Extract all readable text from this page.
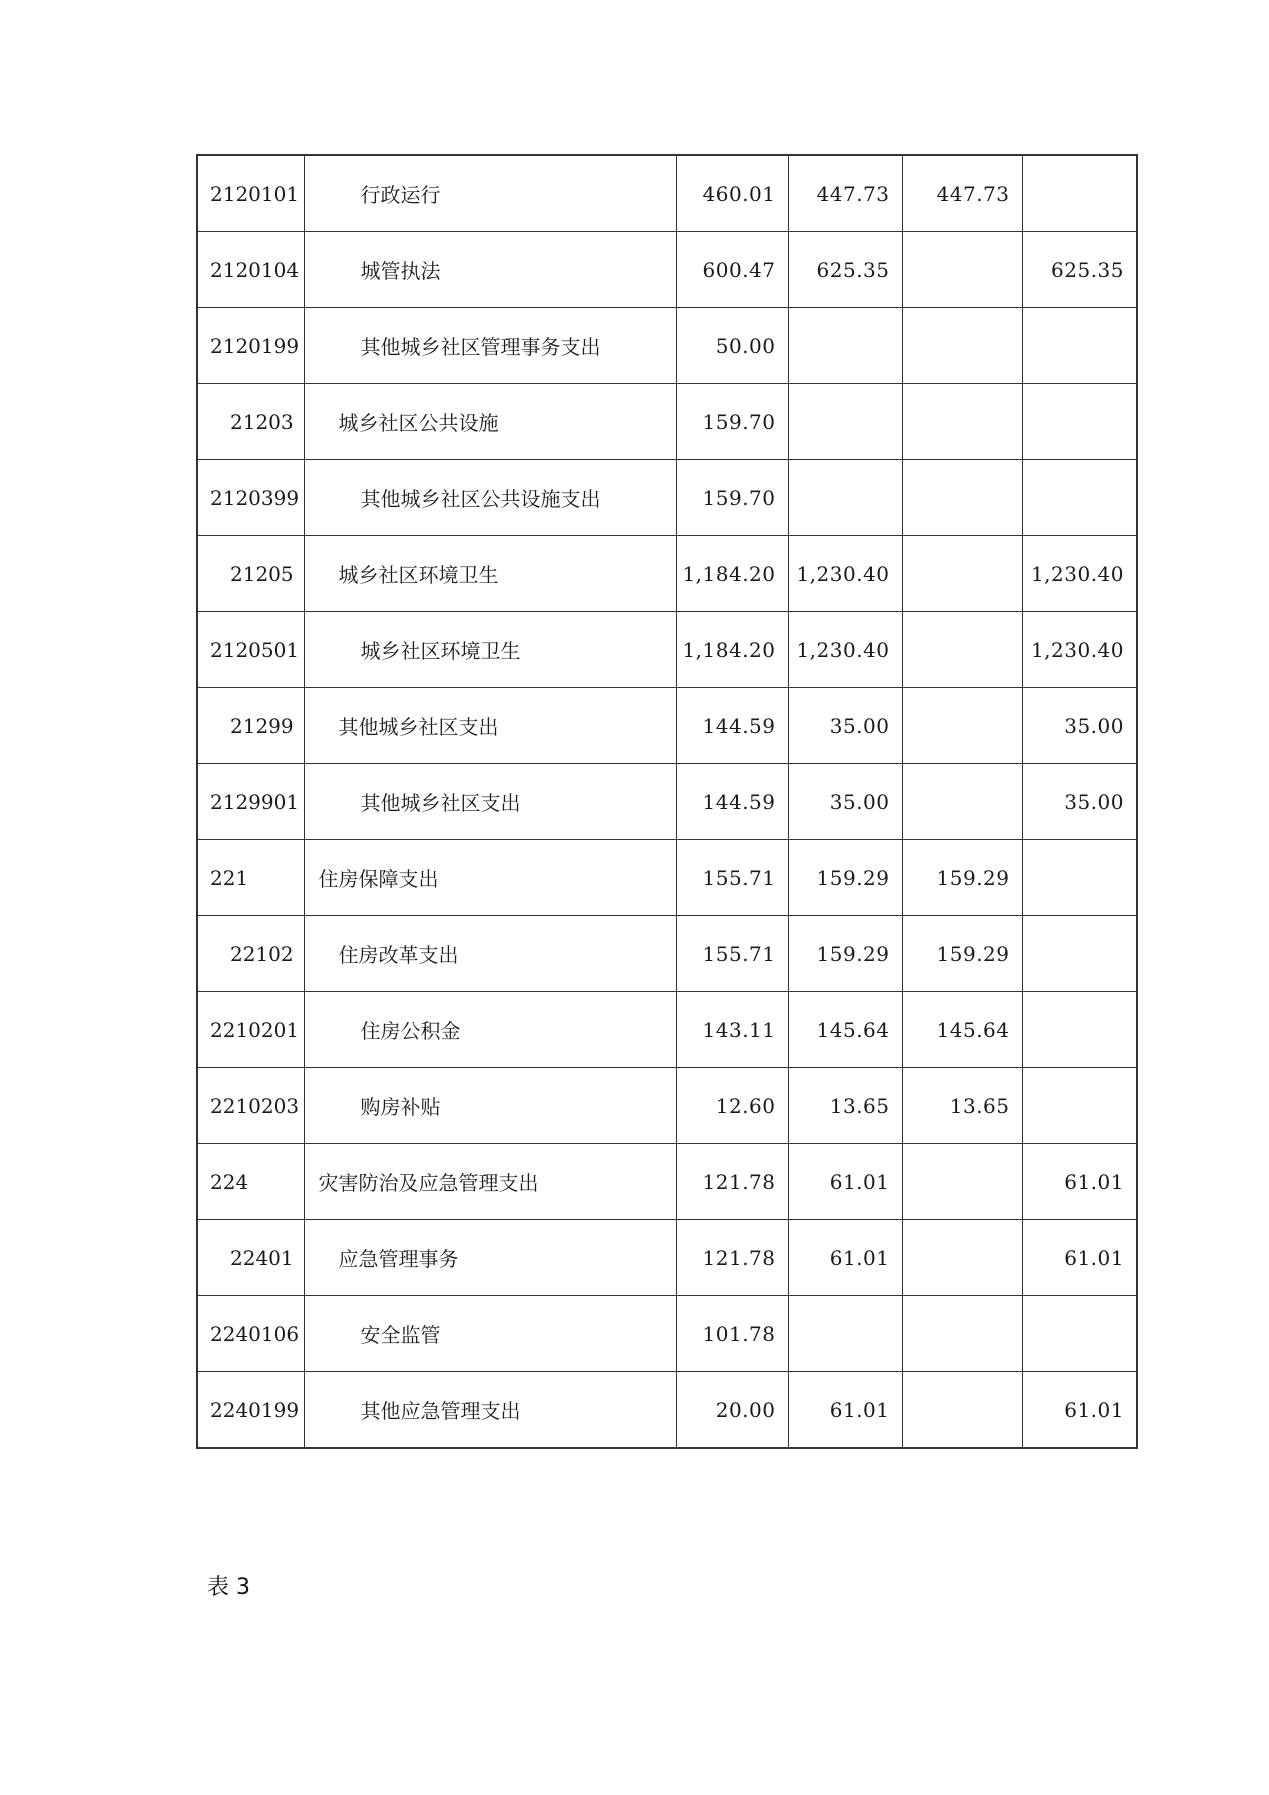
2120101	行政运行	460.01	447.73	447.73	
2120104	城管执法	600.47	625.35		625.35
2120199	其他城乡社区管理事务支出	50.00			
21203	城乡社区公共设施	159.70			
2120399	其他城乡社区公共设施支出	159.70			
21205	城乡社区环境卫生	1,184.20	1,230.40		1,230.40
2120501	城乡社区环境卫生	1,184.20	1,230.40		1,230.40
21299	其他城乡社区支出	144.59	35.00		35.00
2129901	其他城乡社区支出	144.59	35.00		35.00
221	住房保障支出	155.71	159.29	159.29	
22102	住房改革支出	155.71	159.29	159.29	
2210201	住房公积金	143.11	145.64	145.64	
2210203	购房补贴	12.60	13.65	13.65	
224	灾害防治及应急管理支出	121.78	61.01		61.01
22401	应急管理事务	121.78	61.01		61.01
2240106	安全监管	101.78			
2240199	其他应急管理支出	20.00	61.01		61.01
表 3
